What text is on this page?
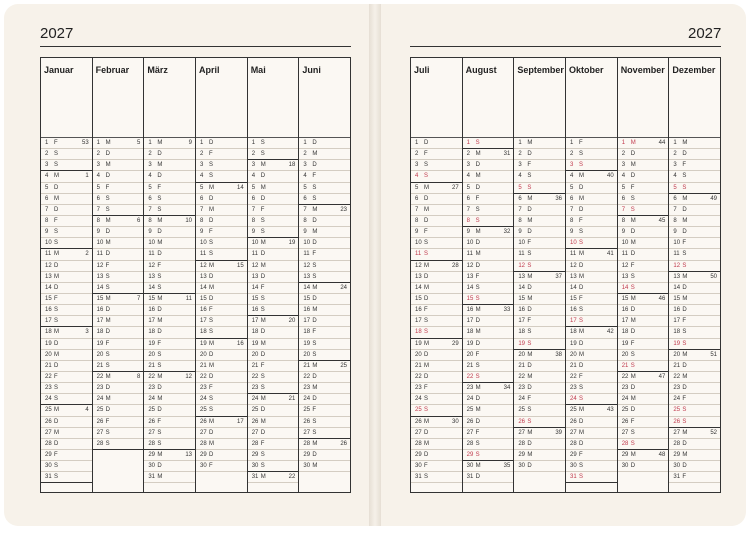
2027
Januar
1 F	53
2 S
3 S
4 M	1
5 D
6 M
7 D
8 F
9 S
10 S
11 M	2
12 D
13 M
14 D
15 F
16 S
17 S
18 M	3
19 D
20 M
21 D
22 F
23 S
24 S
25 M	4
26 D
27 M
28 D
29 F
30 S
31 S
Februar
1 M	5
2 D
3 M
4 D
5 F
6 S
7 S
8 M	6
9 D
10 M
11 D
12 F
13 S
14 S
15 M	7
16 D
17 M
18 D
19 F
20 S
21 S
22 M	8
23 D
24 M
25 D
26 F
27 S
28 S
März
1 M	9
2 D
3 M
4 D
5 F
6 S
7 S
8 M	10
9 D
10 M
11 D
12 F
13 S
14 S
15 M	11
16 D
17 M
18 D
19 F
20 S
21 S
22 M	12
23 D
24 M
25 D
26 F
27 S
28 S
29 M	13
30 D
31 M
April
1 D
2 F
3 S
4 S
5 M	14
6 D
7 M
8 D
9 F
10 S
11 S
12 M	15
13 D
14 M
15 D
16 F
17 S
18 S
19 M	16
20 D
21 M
22 D
23 F
24 S
25 S
26 M	17
27 D
28 M
29 D
30 F
Mai
1 S
2 S
3 M	18
4 D
5 M
6 D
7 F
8 S
9 S
10 M	19
11 D
12 M
13 D
14 F
15 S
16 S
17 M	20
18 D
19 M
20 D
21 F
22 S
23 S
24 M	21
25 D
26 M
27 D
28 F
29 S
30 S
31 M	22
Juni
1 D
2 M
3 D
4 F
5 S
6 S
7 M	23
8 D
9 M
10 D
11 F
12 S
13 S
14 M	24
15 D
16 M
17 D
18 F
19 S
20 S
21 M	25
22 D
23 M
24 D
25 F
26 S
27 S
28 M	26
29 D
30 M
2027
Juli
1 D
2 F
3 S
4 S
5 M	27
6 D
7 M
8 D
9 F
10 S
11 S
12 M	28
13 D
14 M
15 D
16 F
17 S
18 S
19 M	29
20 D
21 M
22 D
23 F
24 S
25 S
26 M	30
27 D
28 M
29 D
30 F
31 S
August
1 S
2 M	31
3 D
4 M
5 D
6 F
7 S
8 S
9 M	32
10 D
11 M
12 D
13 F
14 S
15 S
16 M	33
17 D
18 M
19 D
20 F
21 S
22 S
23 M	34
24 D
25 M
26 D
27 F
28 S
29 S
30 M	35
31 D
September
1 M
2 D
3 F
4 S
5 S
6 M	36
7 D
8 M
9 D
10 F
11 S
12 S
13 M	37
14 D
15 M
16 D
17 F
18 S
19 S
20 M	38
21 D
22 M
23 D
24 F
25 S
26 S
27 M	39
28 D
29 M
30 D
Oktober
1 F
2 S
3 S
4 M	40
5 D
6 M
7 D
8 F
9 S
10 S
11 M	41
12 D
13 M
14 D
15 F
16 S
17 S
18 M	42
19 D
20 M
21 D
22 F
23 S
24 S
25 M	43
26 D
27 M
28 D
29 F
30 S
31 S
November
1 M	44
2 D
3 M
4 D
5 F
6 S
7 S
8 M	45
9 D
10 M
11 D
12 F
13 S
14 S
15 M	46
16 D
17 M
18 D
19 F
20 S
21 S
22 M	47
23 D
24 M
25 D
26 F
27 S
28 S
29 M	48
30 D
Dezember
1 M
2 D
3 F
4 S
5 S
6 M	49
7 D
8 M
9 D
10 F
11 S
12 S
13 M	50
14 D
15 M
16 D
17 F
18 S
19 S
20 M	51
21 D
22 M
23 D
24 F
25 S
26 S
27 M	52
28 D
29 M
30 D
31 F
